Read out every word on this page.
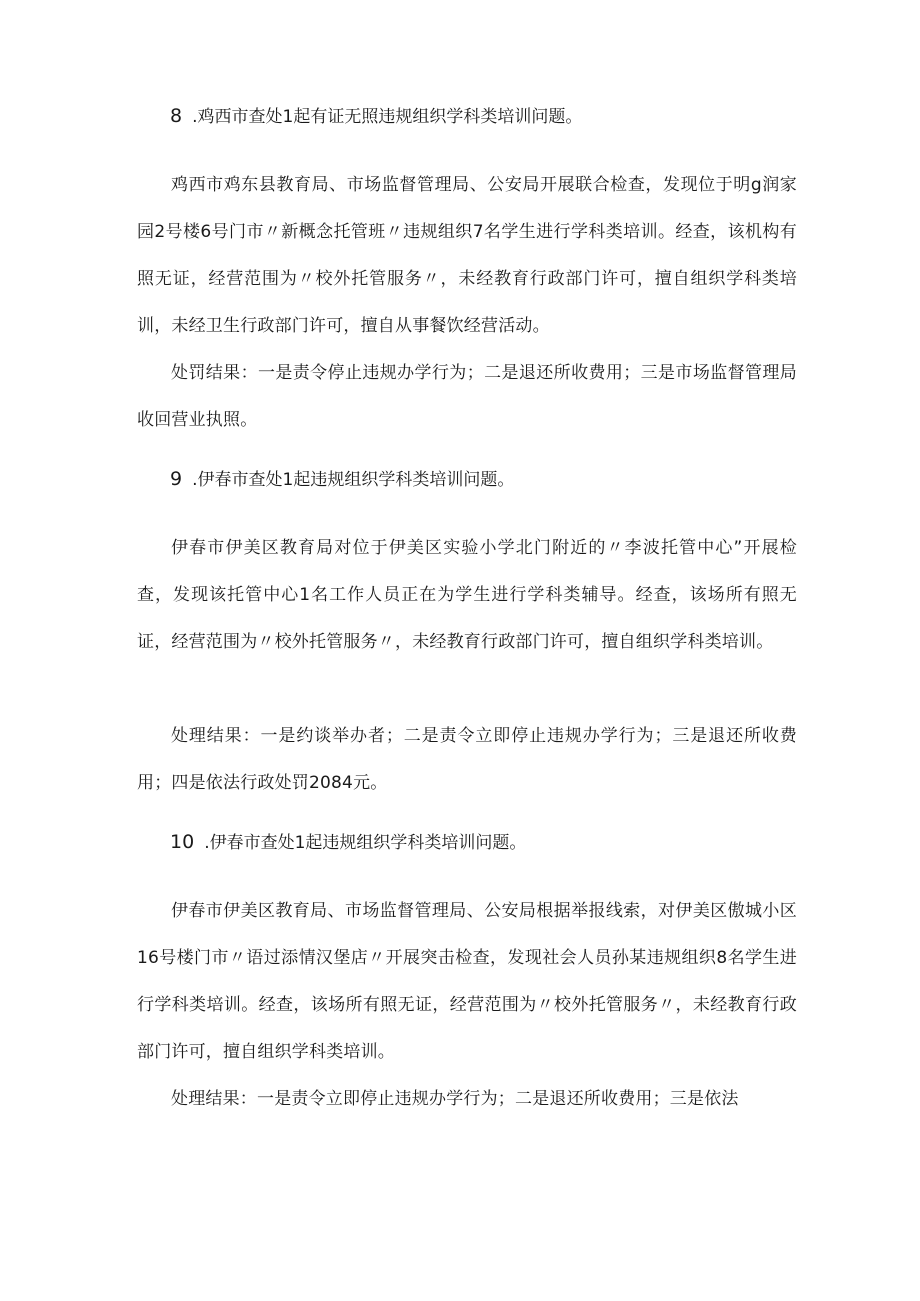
8 .鸡西市查处1起有证无照违规组织学科类培训问题。

鸡西市鸡东县教育局、市场监督管理局、公安局开展联合检查，发现位于明g润家园2号楼6号门市〃新概念托管班〃违规组织7名学生进行学科类培训。经查，该机构有照无证，经营范围为〃校外托管服务〃，未经教育行政部门许可，擅自组织学科类培训，未经卫生行政部门许可，擅自从事餐饮经营活动。

处罚结果：一是责令停止违规办学行为；二是退还所收费用；三是市场监督管理局收回营业执照。

9 .伊春市查处1起违规组织学科类培训问题。

伊春市伊美区教育局对位于伊美区实验小学北门附近的〃李波托管中心”开展检查，发现该托管中心1名工作人员正在为学生进行学科类辅导。经查，该场所有照无证，经营范围为〃校外托管服务〃，未经教育行政部门许可，擅自组织学科类培训。

处理结果：一是约谈举办者；二是责令立即停止违规办学行为；三是退还所收费用；四是依法行政处罚2084元。

10 .伊春市查处1起违规组织学科类培训问题。

伊春市伊美区教育局、市场监督管理局、公安局根据举报线索，对伊美区傲城小区16号楼门市〃语过添情汉堡店〃开展突击检查，发现社会人员孙某违规组织8名学生进行学科类培训。经查，该场所有照无证，经营范围为〃校外托管服务〃，未经教育行政部门许可，擅自组织学科类培训。

处理结果：一是责令立即停止违规办学行为；二是退还所收费用；三是依法
